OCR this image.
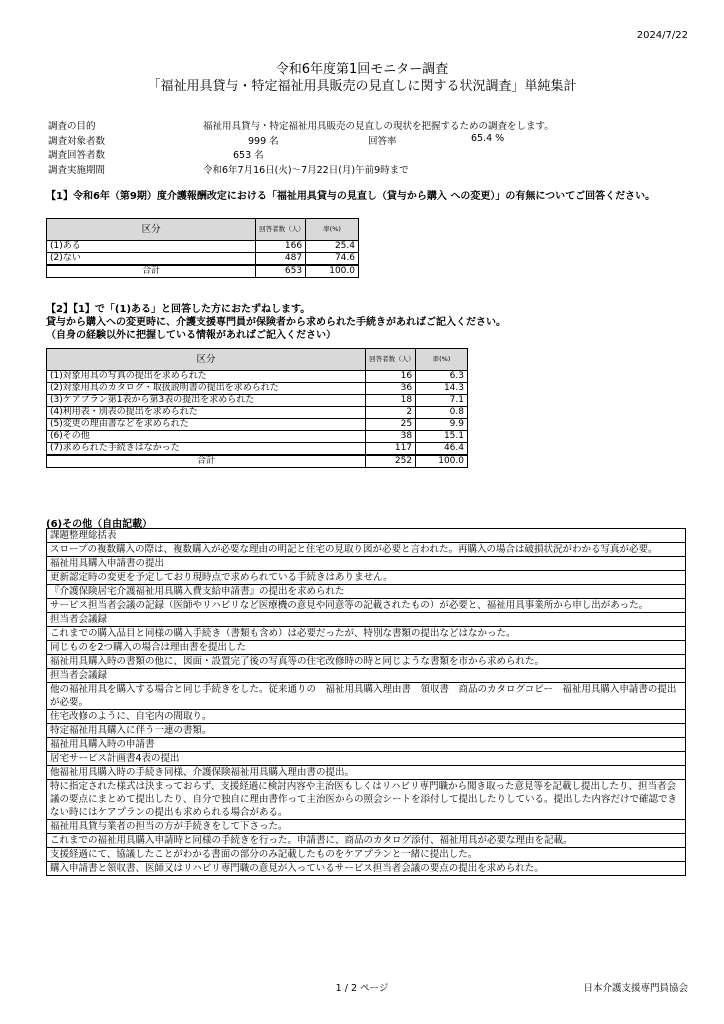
2024/7/22
令和6年度第1回モニター調査
「福祉用具貸与・特定福祉用具販売の見直しに関する状況調査」単純集計
調査の目的	福祉用具貸与・特定福祉用具販売の見直しの現状を把握するための調査をします。
調査対象者数	999 名	回答率	65.4 %
調査回答者数	653 名
調査実施期間	令和6年7月16日(火)～7月22日(月)午前9時まで
【1】令和6年（第9期）度介護報酬改定における「福祉用具貸与の見直し（貸与から購入 への変更）」の有無についてご回答ください。
区分	回答者数（人）	率(%)
(1)ある	166	25.4
(2)ない	487	74.6
合計	653	100.0
【2】【1】で「(1)ある」と回答した方におたずねします。
貸与から購入への変更時に、介護支援専門員が保険者から求められた手続きがあればご記入ください。
（自身の経験以外に把握している情報があればご記入ください）
区分	回答者数（人）	率(%)
(1)対象用具の写真の提出を求められた	16	6.3
(2)対象用具のカタログ・取扱説明書の提出を求められた	36	14.3
(3)ケアプラン第1表から第3表の提出を求められた	18	7.1
(4)利用表・別表の提出を求められた	2	0.8
(5)変更の理由書などを求められた	25	9.9
(6)その他	38	15.1
(7)求められた手続きはなかった	117	46.4
合計	252	100.0
(6)その他（自由記載）
課題整理総括表
スロープの複数購入の際は、複数購入が必要な理由の明記と住宅の見取り図が必要と言われた。再購入の場合は破損状況がわかる写真が必要。
福祉用具購入申請書の提出
更新認定時の変更を予定しており現時点で求められている手続きはありません。
『介護保険居宅介護福祉用具購入費支給申請書』の提出を求められた
サービス担当者会議の記録（医師やリハビリなど医療機の意見や同意等の記載されたもの）が必要と、福祉用具事業所から申し出があった。
担当者会議録
これまでの購入品目と同様の購入手続き（書類も含め）は必要だったが、特別な書類の提出などはなかった。
同じものを2つ購入の場合は理由書を提出した
福祉用具購入時の書類の他に、図面・設置完了後の写真等の住宅改修時の時と同じような書類を市から求められた。
担当者会議録
他の福祉用具を購入する場合と同じ手続きをした。従来通りの　福祉用具購入理由書　領収書　商品のカタログコピー　福祉用具購入申請書の提出が必要。
住宅改修のように、自宅内の間取り。
特定福祉用具購入に伴う一連の書類。
福祉用具購入時の申請書
居宅サービス計画書4表の提出
他福祉用具購入時の手続き同様、介護保険福祉用具購入理由書の提出。
特に指定された様式は決まっておらず、支援経過に検討内容や主治医もしくはリハビリ専門職から聞き取った意見等を記載し提出したり、担当者会議の要点にまとめて提出したり、自分で独自に理由書作って主治医からの照会シートを添付して提出したりしている。提出した内容だけで確認できない時にはケアプランの提出も求められる場合がある。
福祉用具貸与業者の担当の方が手続きをして下さった。
これまでの福祉用具購入申請時と同様の手続きを行った。申請書に、商品のカタログ添付、福祉用具が必要な理由を記載。
支援経過にて、協議したことがわかる書面の部分のみ記載したものをケアプランと一緒に提出した。
購入申請書と領収書、医師又はリハビリ専門職の意見が入っているサービス担当者会議の要点の提出を求められた。
1 / 2 ページ	日本介護支援専門員協会
